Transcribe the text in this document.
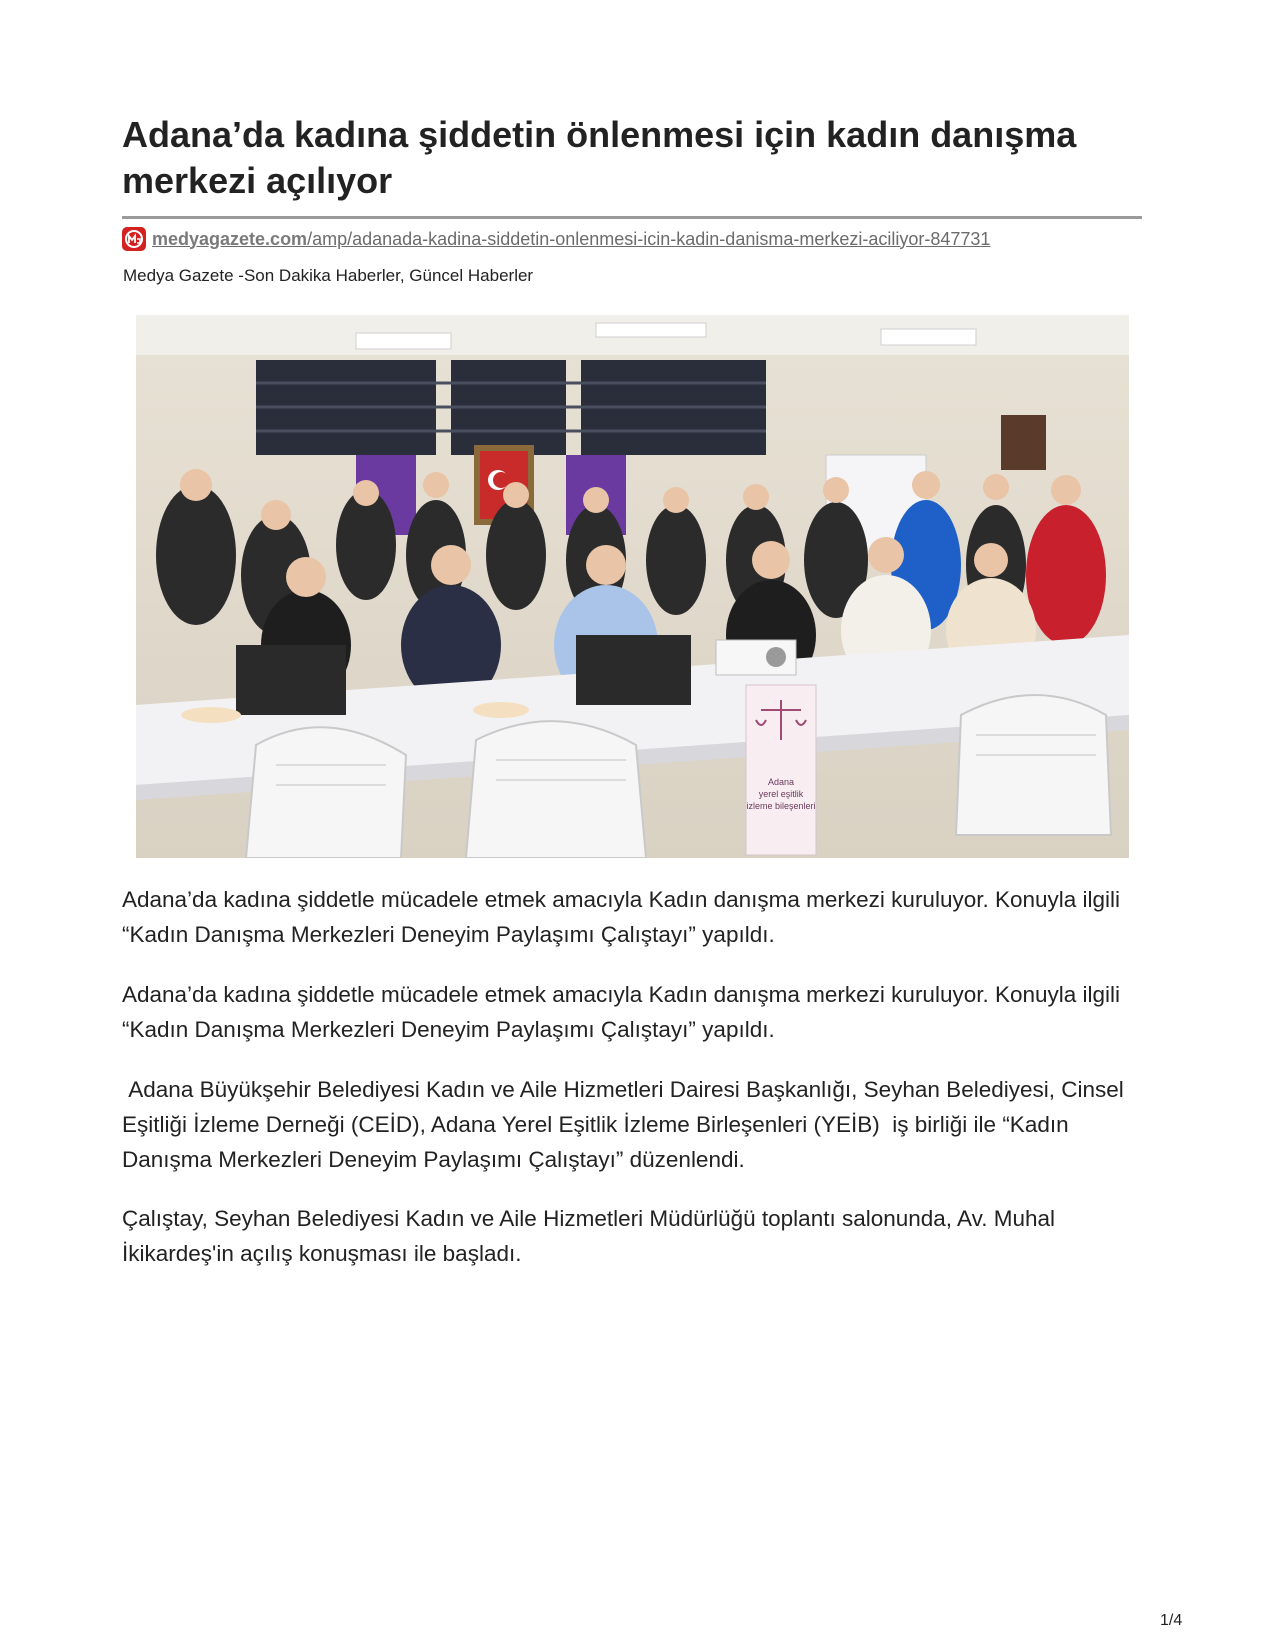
Adana’da kadına şiddetin önlenmesi için kadın danışma merkezi açılıyor
medyagazete.com/amp/adanada-kadina-siddetin-onlenmesi-icin-kadin-danisma-merkezi-aciliyor-847731
Medya Gazete -Son Dakika Haberler, Güncel Haberler
Adana
yerel eşitlik
izleme bileşenleri

Adana’da kadına şiddetle mücadele etmek amacıyla Kadın danışma merkezi kuruluyor. Konuyla ilgili “Kadın Danışma Merkezleri Deneyim Paylaşımı Çalıştayı” yapıldı.

Adana’da kadına şiddetle mücadele etmek amacıyla Kadın danışma merkezi kuruluyor. Konuyla ilgili “Kadın Danışma Merkezleri Deneyim Paylaşımı Çalıştayı” yapıldı.

Adana Büyükşehir Belediyesi Kadın ve Aile Hizmetleri Dairesi Başkanlığı, Seyhan Belediyesi, Cinsel Eşitliği İzleme Derneği (CEİD), Adana Yerel Eşitlik İzleme Birleşenleri (YEİB)  iş birliği ile “Kadın Danışma Merkezleri Deneyim Paylaşımı Çalıştayı” düzenlendi.

Çalıştay, Seyhan Belediyesi Kadın ve Aile Hizmetleri Müdürlüğü toplantı salonunda, Av. Muhal İkikardeş'in açılış konuşması ile başladı.

1/4
